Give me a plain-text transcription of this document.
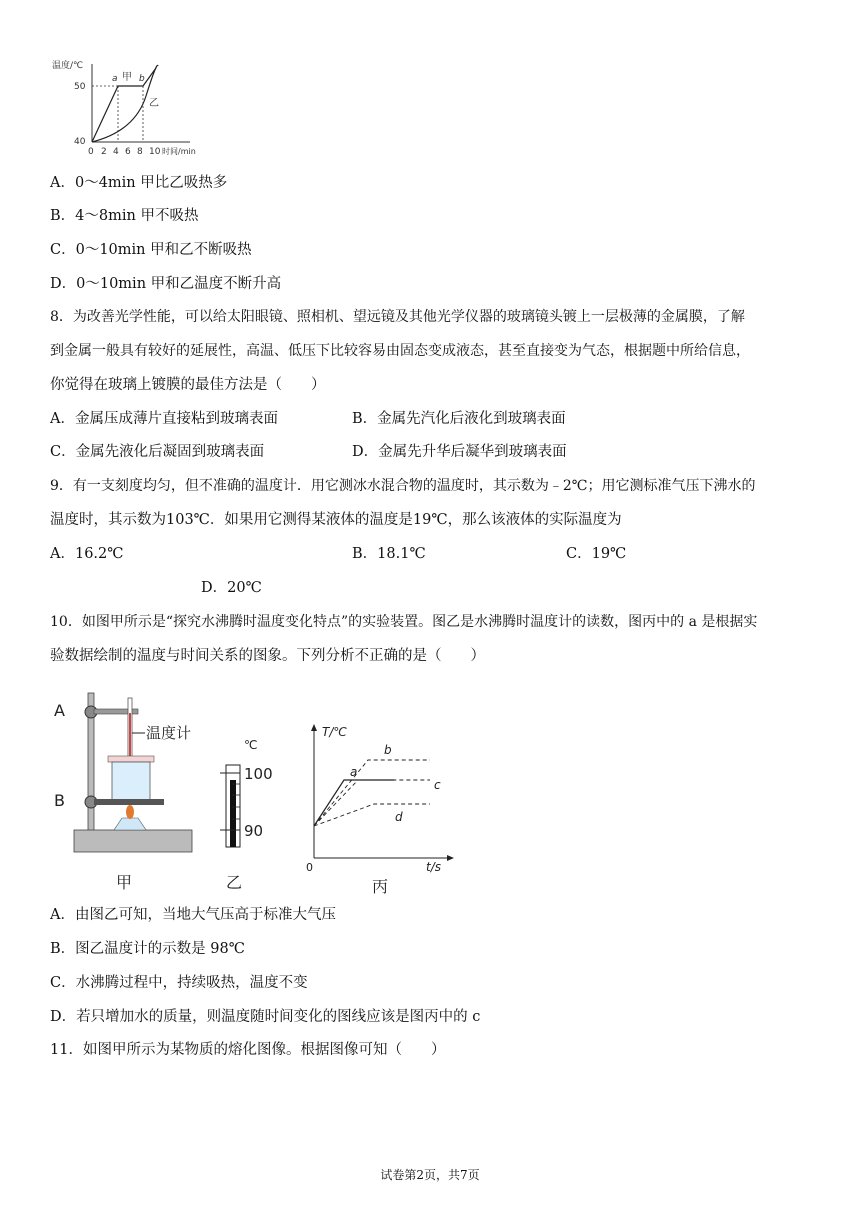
温度/℃
50
40
0 2 4 6 8 10 时间/min
a 甲 b
乙
A．0～4min 甲比乙吸热多
B．4～8min 甲不吸热
C．0～10min 甲和乙不断吸热
D．0～10min 甲和乙温度不断升高
8．为改善光学性能，可以给太阳眼镜、照相机、望远镜及其他光学仪器的玻璃镜头镀上一层极薄的金属膜，了解
到金属一般具有较好的延展性，高温、低压下比较容易由固态变成液态，甚至直接变为气态，根据题中所给信息，
你觉得在玻璃上镀膜的最佳方法是（　　）
A．金属压成薄片直接粘到玻璃表面	B．金属先汽化后液化到玻璃表面
C．金属先液化后凝固到玻璃表面	D．金属先升华后凝华到玻璃表面
9．有一支刻度均匀，但不准确的温度计．用它测冰水混合物的温度时，其示数为﹣2℃；用它测标准气压下沸水的
温度时，其示数为103℃．如果用它测得某液体的温度是19℃，那么该液体的实际温度为
A．16.2℃	B．18.1℃	C．19℃
D．20℃
10．如图甲所示是“探究水沸腾时温度变化特点”的实验装置。图乙是水沸腾时温度计的读数，图丙中的 a 是根据实
验数据绘制的温度与时间关系的图象。下列分析不正确的是（　　）
A
B
温度计
甲
℃
100
90
乙
T/℃
0	t/s
b
a
c
d
丙
A．由图乙可知，当地大气压高于标准大气压
B．图乙温度计的示数是 98℃
C．水沸腾过程中，持续吸热，温度不变
D．若只增加水的质量，则温度随时间变化的图线应该是图丙中的 c
11．如图甲所示为某物质的熔化图像。根据图像可知（　　）
试卷第2页，共7页
